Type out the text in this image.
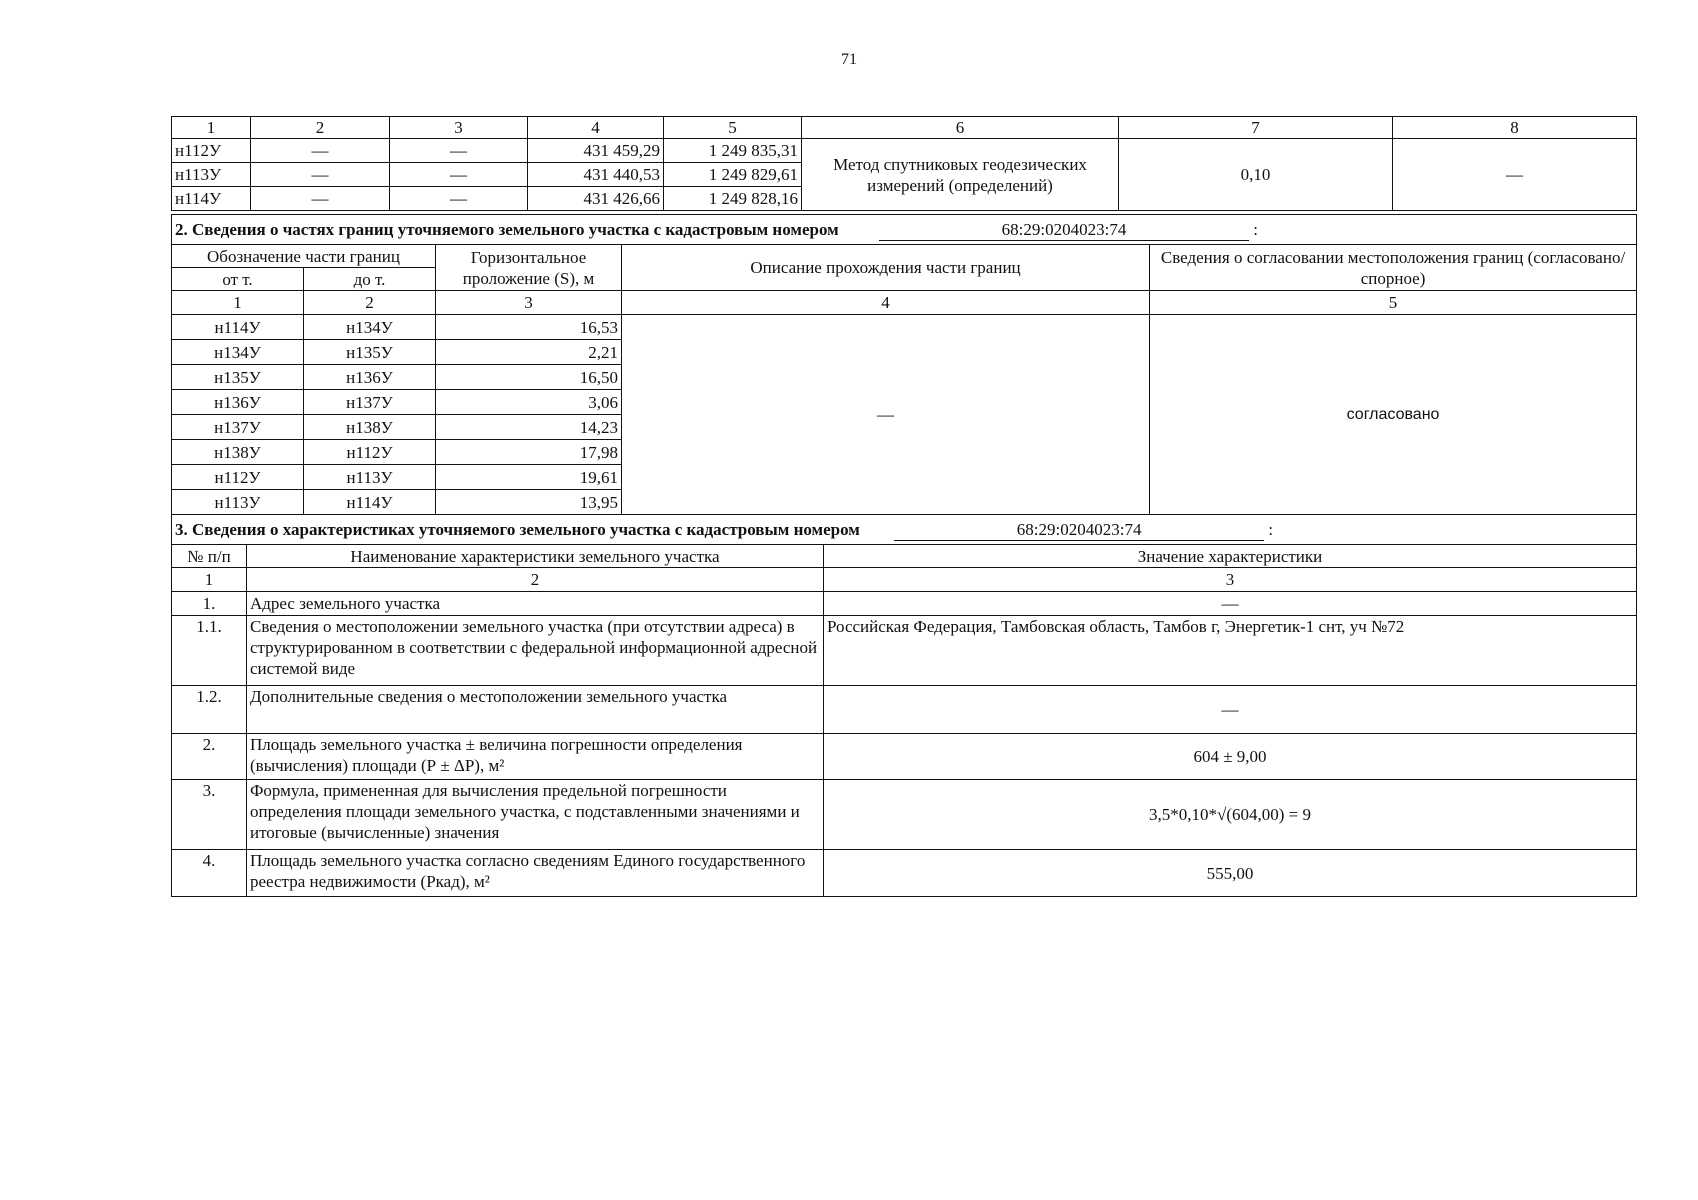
71
1	2	3	4	5	6	7	8
н112У	—	—	431 459,29	1 249 835,31	Метод спутниковых геодезических измерений (определений)	0,10	—
н113У	—	—	431 440,53	1 249 829,61			
н114У	—	—	431 426,66	1 249 828,16			
2. Сведения о частях границ уточняемого земельного участка с кадастровым номером 68:29:0204023:74 :				
Обозначение части границ		Горизонтальное проложение (S), м	Описание прохождения части границ	Сведения о согласовании местоположения границ (согласовано/спорное)
от т.	до т.			
1	2	3	4	5
н114У	н134У	16,53	—	согласовано
н134У	н135У	2,21		
н135У	н136У	16,50		
н136У	н137У	3,06		
н137У	н138У	14,23		
н138У	н112У	17,98		
н112У	н113У	19,61		
н113У	н114У	13,95		
3. Сведения о характеристиках уточняемого земельного участка с кадастровым номером 68:29:0204023:74 :		
№ п/п	Наименование характеристики земельного участка	Значение характеристики
1	2	3
1.	Адрес земельного участка	—
1.1.	Сведения о местоположении земельного участка (при отсутствии адреса) в структурированном в соответствии с федеральной информационной адресной системой виде	Российская Федерация, Тамбовская область, Тамбов г, Энергетик-1 снт, уч №72
1.2.	Дополнительные сведения о местоположении земельного участка	—
2.	Площадь земельного участка ± величина погрешности определения (вычисления) площади (Р ± ΔР), м²	604 ± 9,00
3.	Формула, примененная для вычисления предельной погрешности определения площади земельного участка, с подставленными значениями и итоговые (вычисленные) значения	3,5*0,10*√(604,00) = 9
4.	Площадь земельного участка согласно сведениям Единого государственного реестра недвижимости (Ркад), м²	555,00
